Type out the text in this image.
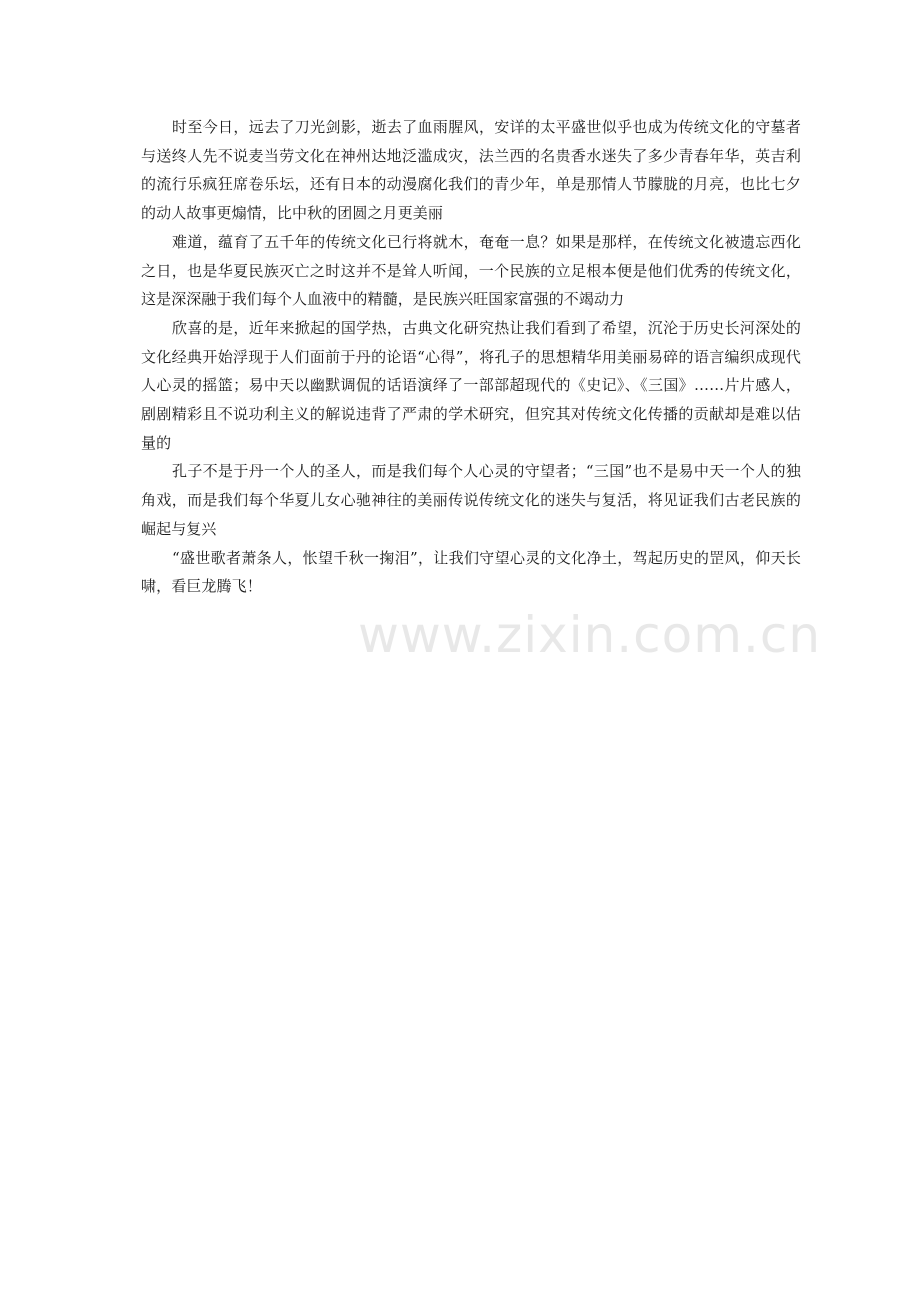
时至今日，远去了刀光剑影，逝去了血雨腥风，安详的太平盛世似乎也成为传统文化的守墓者与送终人先不说麦当劳文化在神州达地泛滥成灾，法兰西的名贵香水迷失了多少青春年华，英吉利的流行乐疯狂席卷乐坛，还有日本的动漫腐化我们的青少年，单是那情人节朦胧的月亮，也比七夕的动人故事更煽情，比中秋的团圆之月更美丽

难道，蕴育了五千年的传统文化已行将就木，奄奄一息？如果是那样，在传统文化被遗忘西化之日，也是华夏民族灭亡之时这并不是耸人听闻，一个民族的立足根本便是他们优秀的传统文化，这是深深融于我们每个人血液中的精髓，是民族兴旺国家富强的不竭动力

欣喜的是，近年来掀起的国学热，古典文化研究热让我们看到了希望，沉沦于历史长河深处的文化经典开始浮现于人们面前于丹的论语“心得”，将孔子的思想精华用美丽易碎的语言编织成现代人心灵的摇篮；易中天以幽默调侃的话语演绎了一部部超现代的《史记》、《三国》……片片感人，剧剧精彩且不说功利主义的解说违背了严肃的学术研究，但究其对传统文化传播的贡献却是难以估量的

孔子不是于丹一个人的圣人，而是我们每个人心灵的守望者；“三国”也不是易中天一个人的独角戏，而是我们每个华夏儿女心驰神往的美丽传说传统文化的迷失与复活，将见证我们古老民族的崛起与复兴

“盛世歌者萧条人，怅望千秋一掬泪”，让我们守望心灵的文化净土，驾起历史的罡风，仰天长啸，看巨龙腾飞！

www.zixin.com.cn
